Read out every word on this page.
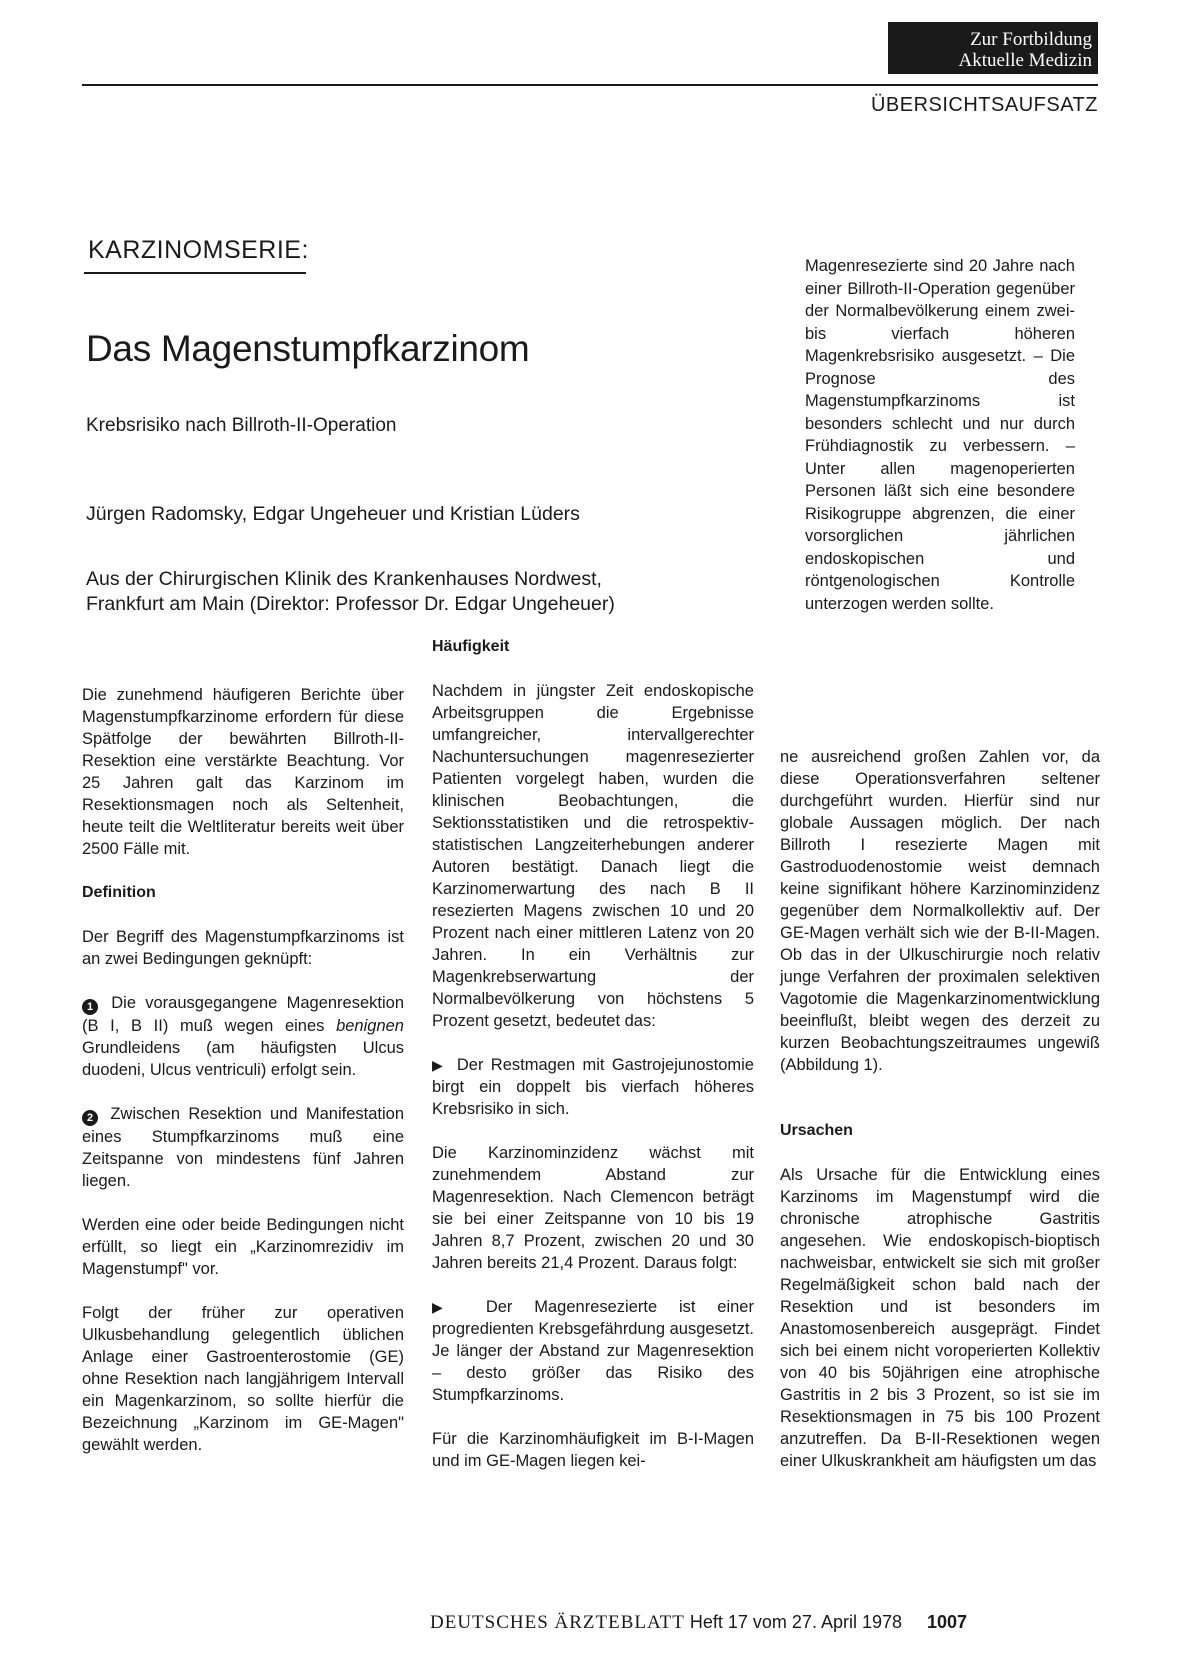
Zur Fortbildung
Aktuelle Medizin
ÜBERSICHTSAUFSATZ
KARZINOMSERIE:
Das Magenstumpfkarzinom
Krebsrisiko nach Billroth-II-Operation
Jürgen Radomsky, Edgar Ungeheuer und Kristian Lüders
Aus der Chirurgischen Klinik des Krankenhauses Nordwest,
Frankfurt am Main (Direktor: Professor Dr. Edgar Ungeheuer)
Magenresezierte sind 20 Jahre nach einer Billroth-II-Operation gegenüber der Normalbevölkerung einem zwei- bis vierfach höheren Magenkrebsrisiko ausgesetzt. – Die Prognose des Magenstumpfkarzinoms ist besonders schlecht und nur durch Frühdiagnostik zu verbessern. – Unter allen magenoperierten Personen läßt sich eine besondere Risikogruppe abgrenzen, die einer vorsorglichen jährlichen endoskopischen und röntgenologischen Kontrolle unterzogen werden sollte.

Die zunehmend häufigeren Berichte über Magenstumpfkarzinome erfordern für diese Spätfolge der bewährten Billroth-II-Resektion eine verstärkte Beachtung. Vor 25 Jahren galt das Karzinom im Resektionsmagen noch als Seltenheit, heute teilt die Weltliteratur bereits weit über 2500 Fälle mit.

Definition

Der Begriff des Magenstumpfkarzinoms ist an zwei Bedingungen geknüpft:

1 Die vorausgegangene Magenresektion (B I, B II) muß wegen eines benignen Grundleidens (am häufigsten Ulcus duodeni, Ulcus ventriculi) erfolgt sein.

2 Zwischen Resektion und Manifestation eines Stumpfkarzinoms muß eine Zeitspanne von mindestens fünf Jahren liegen.

Werden eine oder beide Bedingungen nicht erfüllt, so liegt ein „Karzinomrezidiv im Magenstumpf" vor.

Folgt der früher zur operativen Ulkusbehandlung gelegentlich üblichen Anlage einer Gastroenterostomie (GE) ohne Resektion nach langjährigem Intervall ein Magenkarzinom, so sollte hierfür die Bezeichnung „Karzinom im GE-Magen" gewählt werden.

Häufigkeit

Nachdem in jüngster Zeit endoskopische Arbeitsgruppen die Ergebnisse umfangreicher, intervallgerechter Nachuntersuchungen magenresezierter Patienten vorgelegt haben, wurden die klinischen Beobachtungen, die Sektionsstatistiken und die retrospektiv-statistischen Langzeiterhebungen anderer Autoren bestätigt. Danach liegt die Karzinomerwartung des nach B II resezierten Magens zwischen 10 und 20 Prozent nach einer mittleren Latenz von 20 Jahren. In ein Verhältnis zur Magenkrebserwartung der Normalbevölkerung von höchstens 5 Prozent gesetzt, bedeutet das:

▶ Der Restmagen mit Gastrojejunostomie birgt ein doppelt bis vierfach höheres Krebsrisiko in sich.

Die Karzinominzidenz wächst mit zunehmendem Abstand zur Magenresektion. Nach Clemencon beträgt sie bei einer Zeitspanne von 10 bis 19 Jahren 8,7 Prozent, zwischen 20 und 30 Jahren bereits 21,4 Prozent. Daraus folgt:

▶ Der Magenresezierte ist einer progredienten Krebsgefährdung ausgesetzt. Je länger der Abstand zur Magenresektion – desto größer das Risiko des Stumpfkarzinoms.

Für die Karzinomhäufigkeit im B-I-Magen und im GE-Magen liegen kei-

ne ausreichend großen Zahlen vor, da diese Operationsverfahren seltener durchgeführt wurden. Hierfür sind nur globale Aussagen möglich. Der nach Billroth I resezierte Magen mit Gastroduodenostomie weist demnach keine signifikant höhere Karzinominzidenz gegenüber dem Normalkollektiv auf. Der GE-Magen verhält sich wie der B-II-Magen. Ob das in der Ulkuschirurgie noch relativ junge Verfahren der proximalen selektiven Vagotomie die Magenkarzinomentwicklung beeinflußt, bleibt wegen des derzeit zu kurzen Beobachtungszeitraumes ungewiß (Abbildung 1).

Ursachen

Als Ursache für die Entwicklung eines Karzinoms im Magenstumpf wird die chronische atrophische Gastritis angesehen. Wie endoskopisch-bioptisch nachweisbar, entwickelt sie sich mit großer Regelmäßigkeit schon bald nach der Resektion und ist besonders im Anastomosenbereich ausgeprägt. Findet sich bei einem nicht voroperierten Kollektiv von 40 bis 50jährigen eine atrophische Gastritis in 2 bis 3 Prozent, so ist sie im Resektionsmagen in 75 bis 100 Prozent anzutreffen. Da B-II-Resektionen wegen einer Ulkuskrankheit am häufigsten um das

DEUTSCHES ÄRZTEBLATT Heft 17 vom 27. April 1978 1007
